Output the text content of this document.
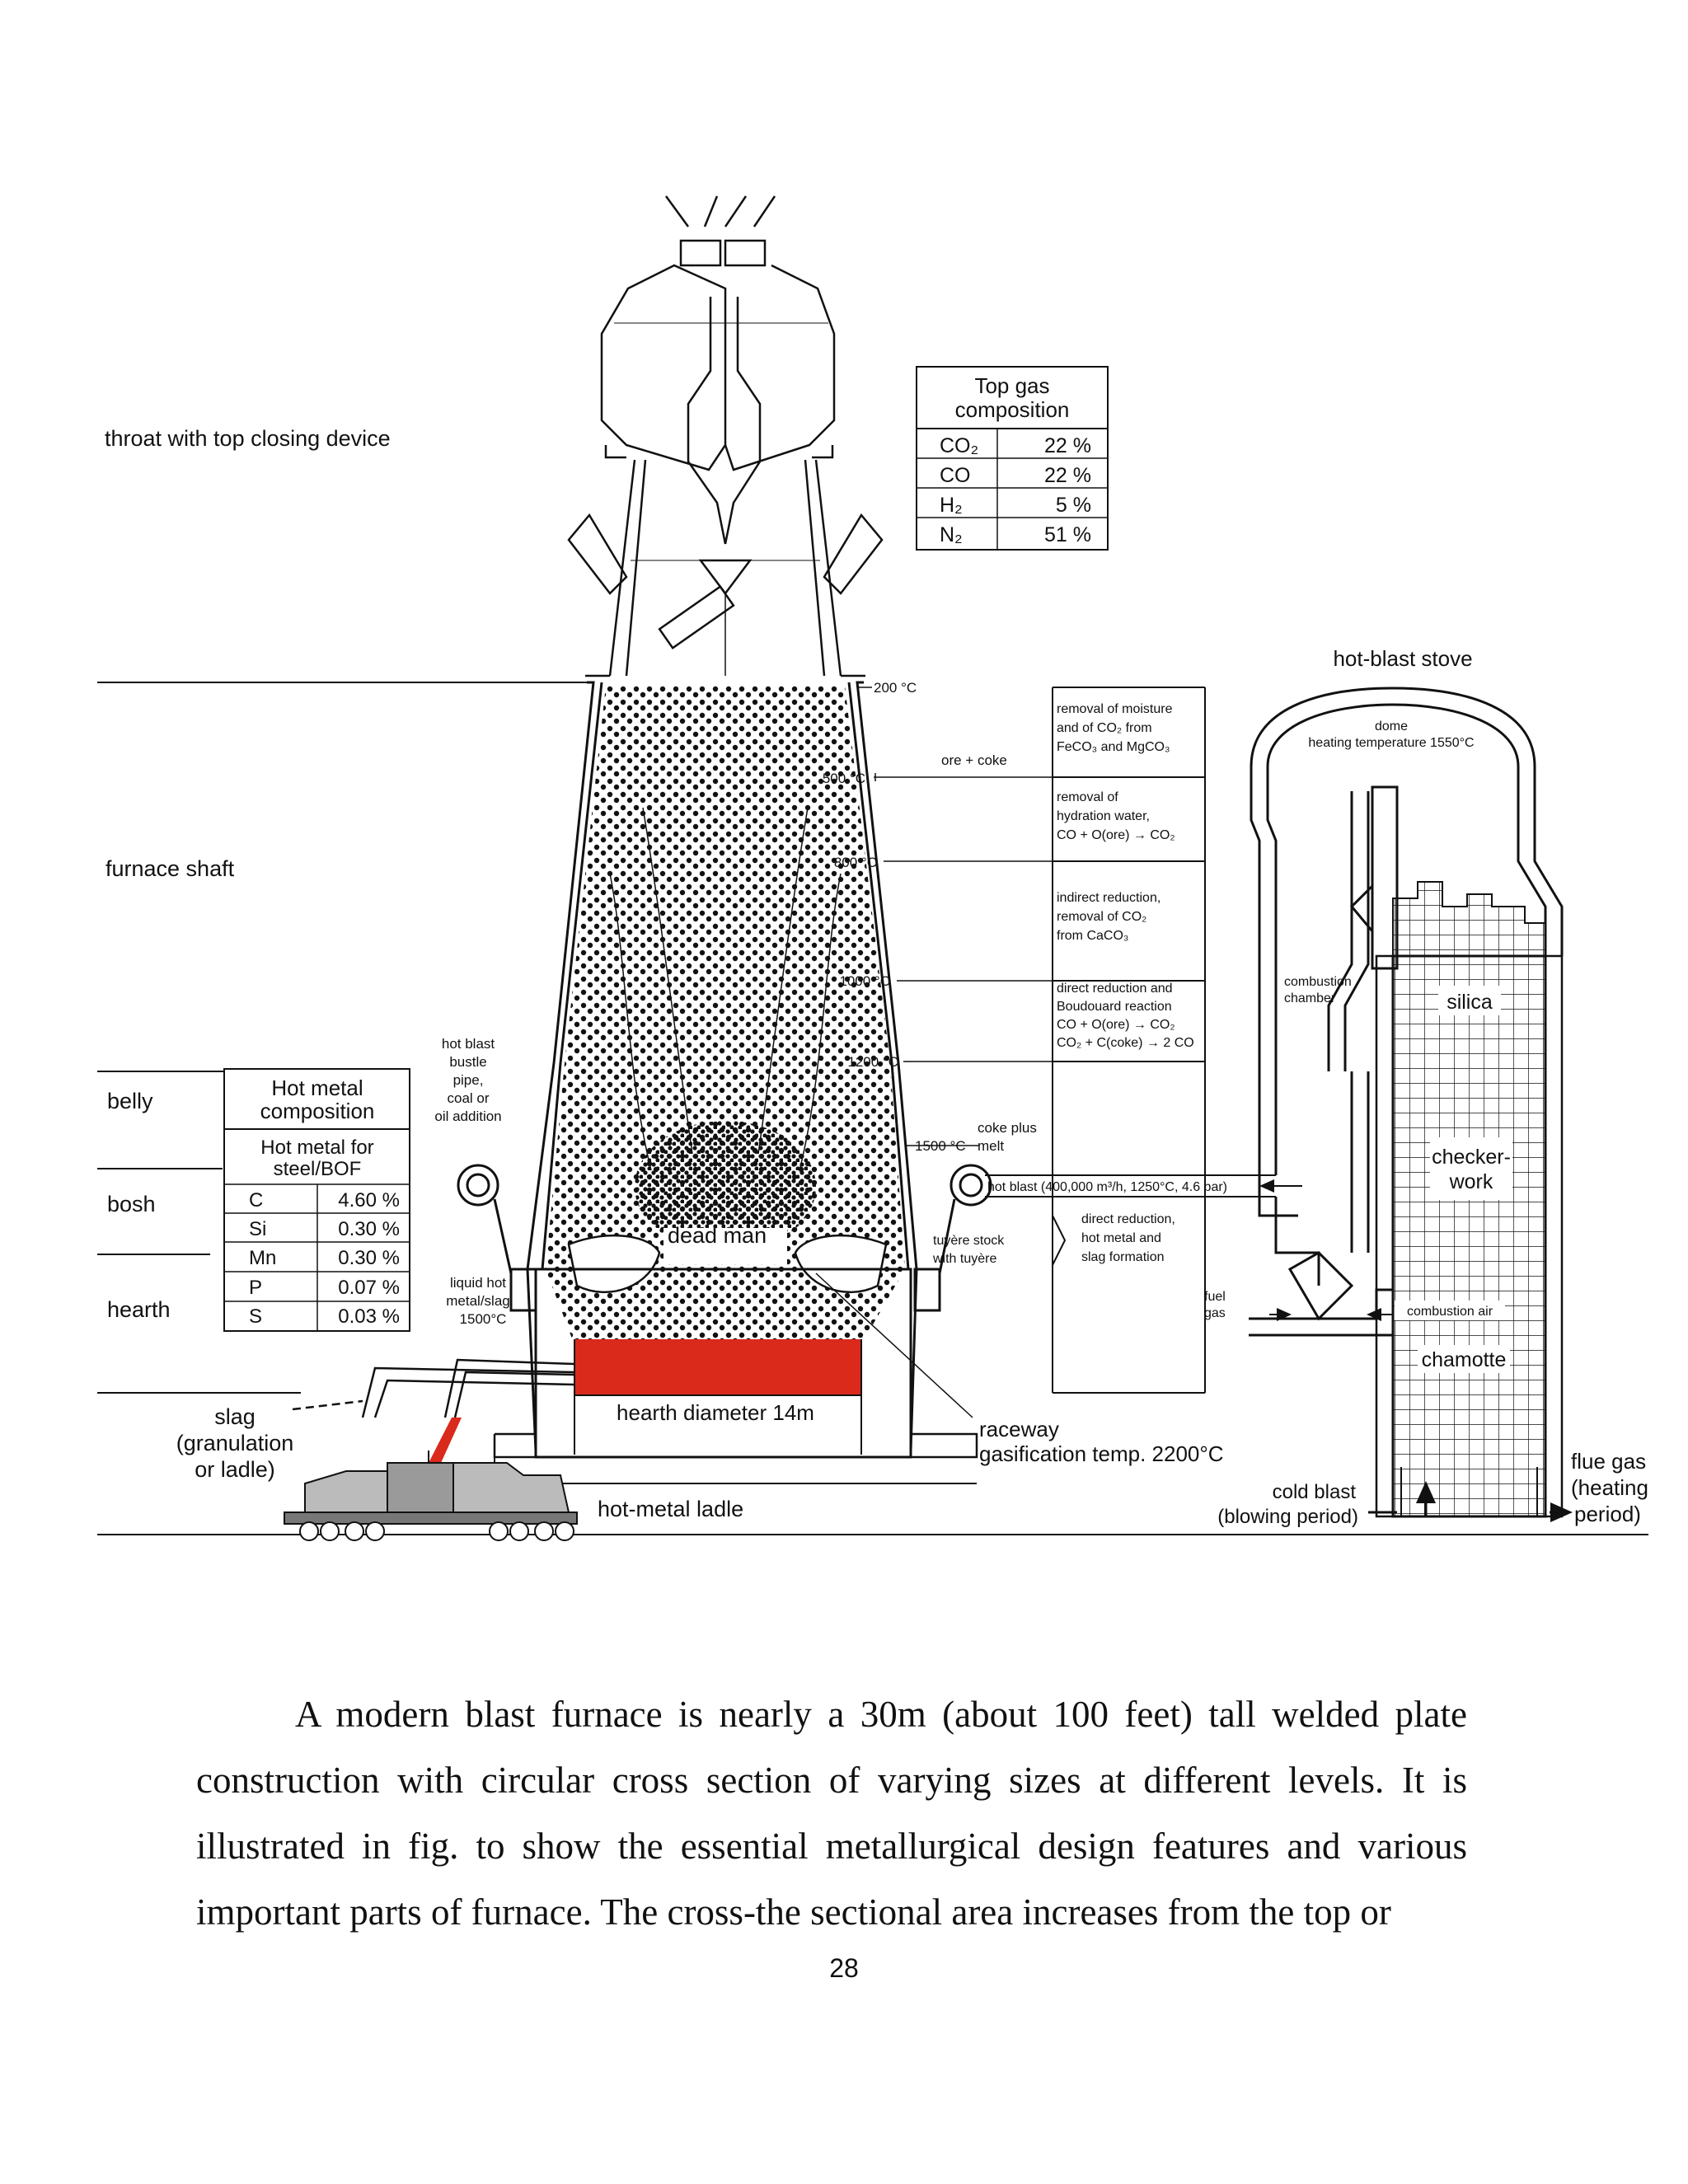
Top gas
composition
CO₂	22 %
CO	22 %
H₂	5 %
N₂	51 %
Hot metal
composition
Hot metal for
steel/BOF
C	4.60 %
Si	0.30 %
Mn	0.30 %
P	0.07 %
S	0.03 %
throat with top closing device
furnace shaft
belly
bosh
hearth
hot blast
bustle
pipe,
coal or
oil addition
liquid hot
metal/slag
1500°C
dead man
200 °C
500 °C
800 °C
1000 °C
1200 °C
1500 °C
ore + coke
coke plus
melt
removal of moisture
and of CO₂ from
FeCO₃ and MgCO₃
removal of
hydration water,
CO + O(ore) → CO₂
indirect reduction,
removal of CO₂
from CaCO₃
direct reduction and
Boudouard reaction
CO + O(ore) → CO₂
CO₂ + C(coke) → 2 CO
direct reduction,
hot metal and
slag formation
hot blast (400,000 m³/h, 1250°C, 4.6 bar)
tuyère stock
with tuyère
hearth diameter 14m
raceway
gasification temp. 2200°C
slag
(granulation
or ladle)
hot-metal ladle
hot-blast stove
dome
heating temperature 1550°C
combustion
chamber	silica
checker-
work
combustion air
chamotte
fuel
gas
cold blast
(blowing period)
flue gas
(heating
period)

A modern blast furnace is nearly a 30m (about 100 feet) tall welded plate construction with circular cross section of varying sizes at different levels. It is illustrated in fig. to show the essential metallurgical design features and various important parts of furnace. The cross-the sectional area increases from the top or

28
